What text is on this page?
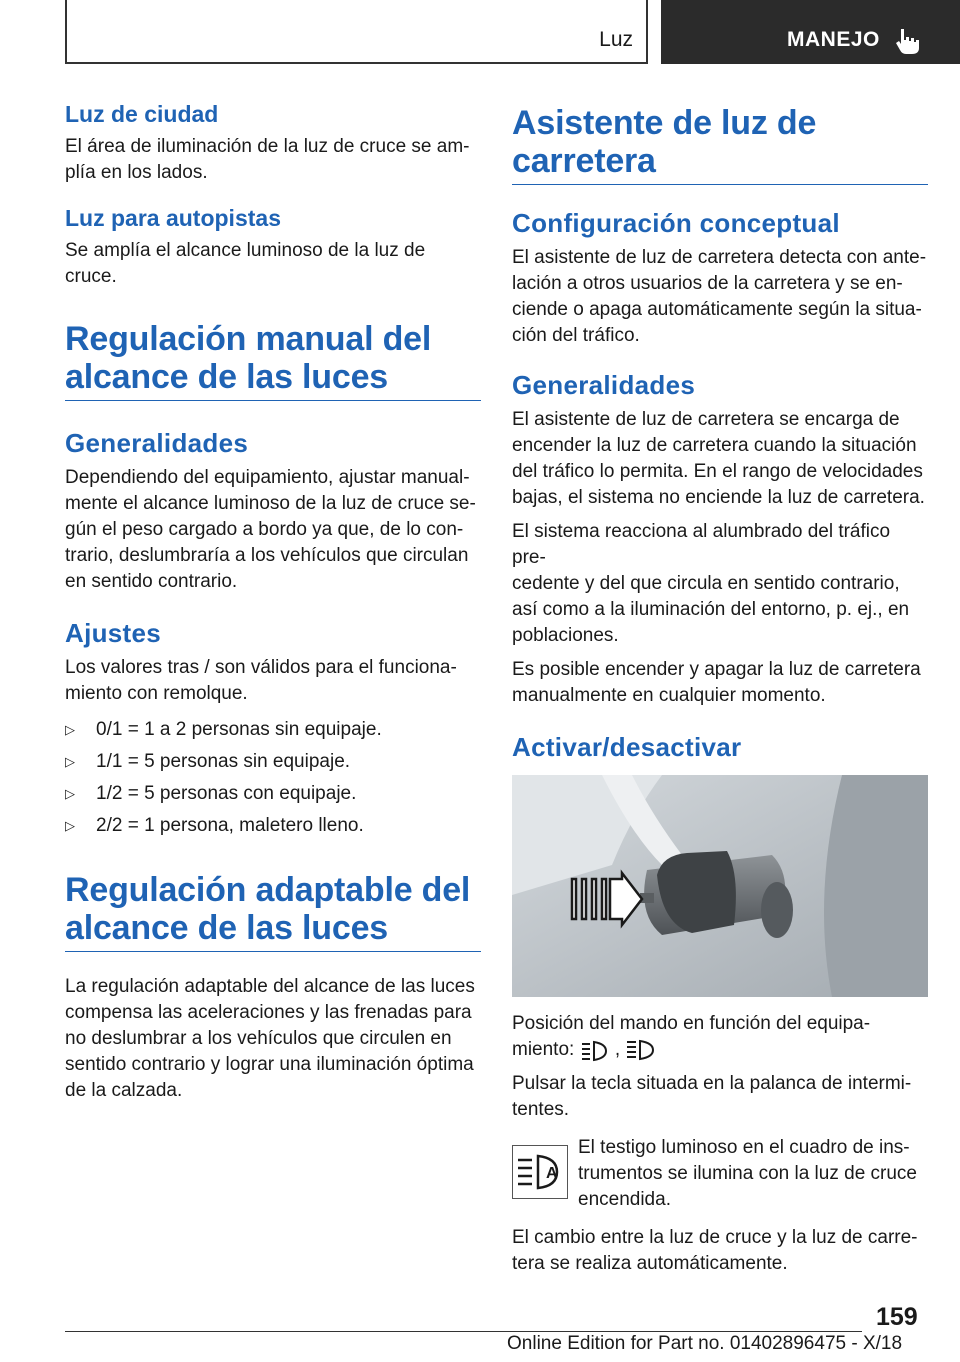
Luz	MANEJO
Luz de ciudad

El área de iluminación de la luz de cruce se am-
plía en los lados.

Luz para autopistas

Se amplía el alcance luminoso de la luz de cruce.

Regulación manual del alcance de las luces
Generalidades

Dependiendo del equipamiento, ajustar manual-
mente el alcance luminoso de la luz de cruce se-
gún el peso cargado a bordo ya que, de lo con-
trario, deslumbraría a los vehículos que circulan
en sentido contrario.

Ajustes

Los valores tras / son válidos para el funciona-
miento con remolque.

▷ 0/1 = 1 a 2 personas sin equipaje.
▷ 1/1 = 5 personas sin equipaje.
▷ 1/2 = 5 personas con equipaje.
▷ 2/2 = 1 persona, maletero lleno.
Regulación adaptable del alcance de las luces

La regulación adaptable del alcance de las luces
compensa las aceleraciones y las frenadas para
no deslumbrar a los vehículos que circulen en
sentido contrario y lograr una iluminación óptima
de la calzada.

Asistente de luz de carretera
Configuración conceptual

El asistente de luz de carretera detecta con ante-
lación a otros usuarios de la carretera y se en-
ciende o apaga automáticamente según la situa-
ción del tráfico.

Generalidades

El asistente de luz de carretera se encarga de
encender la luz de carretera cuando la situación
del tráfico lo permita. En el rango de velocidades
bajas, el sistema no enciende la luz de carretera.

El sistema reacciona al alumbrado del tráfico pre-
cedente y del que circula en sentido contrario,
así como a la iluminación del entorno, p. ej., en
poblaciones.

Es posible encender y apagar la luz de carretera
manualmente en cualquier momento.

Activar/desactivar

Posición del mando en función del equipa-
miento: ,

Pulsar la tecla situada en la palanca de intermi-
tentes.

A

El testigo luminoso en el cuadro de ins-
trumentos se ilumina con la luz de cruce
encendida.

El cambio entre la luz de cruce y la luz de carre-
tera se realiza automáticamente.

159
Online Edition for Part no. 01402896475 - X/18
